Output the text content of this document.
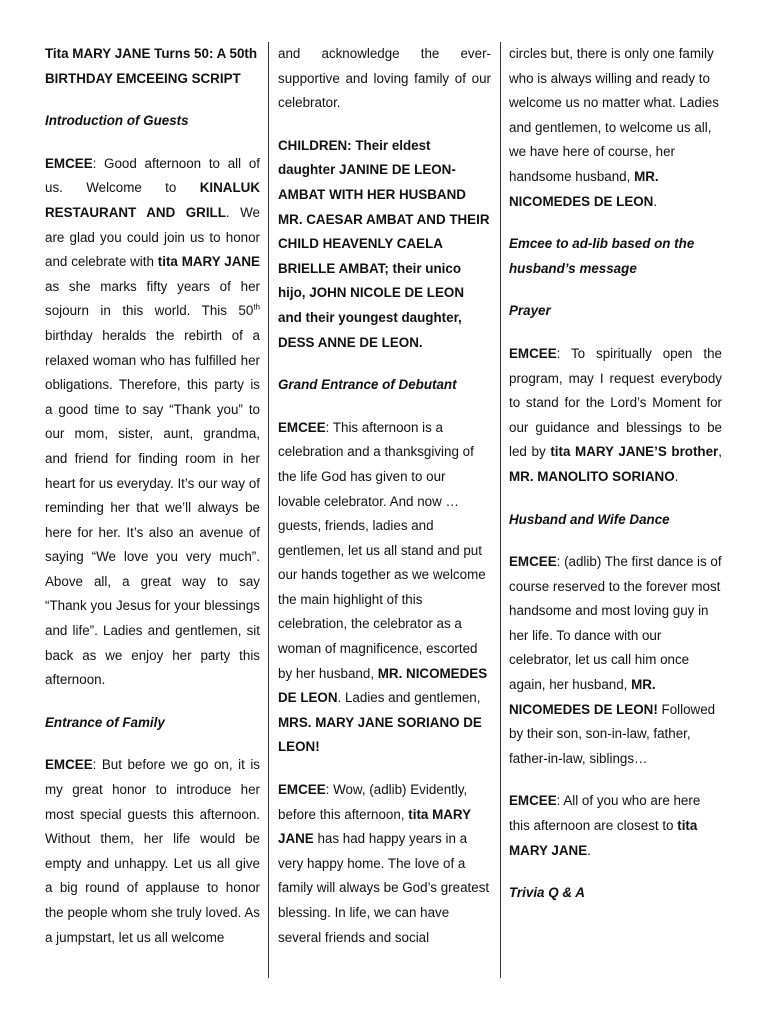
Tita MARY JANE Turns 50: A 50th BIRTHDAY EMCEEING SCRIPT

Introduction of Guests

EMCEE: Good afternoon to all of us. Welcome to KINALUK RESTAURANT AND GRILL. We are glad you could join us to honor and celebrate with tita MARY JANE as she marks fifty years of her sojourn in this world. This 50th birthday heralds the rebirth of a relaxed woman who has fulfilled her obligations. Therefore, this party is a good time to say “Thank you” to our mom, sister, aunt, grandma, and friend for finding room in her heart for us everyday. It’s our way of reminding her that we’ll always be here for her. It’s also an avenue of saying “We love you very much”. Above all, a great way to say “Thank you Jesus for your blessings and life”. Ladies and gentlemen, sit back as we enjoy her party this afternoon.

Entrance of Family

EMCEE: But before we go on, it is my great honor to introduce her most special guests this afternoon. Without them, her life would be empty and unhappy. Let us all give a big round of applause to honor the people whom she truly loved. As a jumpstart, let us all welcome

and acknowledge the ever-supportive and loving family of our celebrator.

CHILDREN: Their eldest daughter JANINE DE LEON-AMBAT WITH HER HUSBAND MR. CAESAR AMBAT AND THEIR CHILD HEAVENLY CAELA BRIELLE AMBAT; their unico hijo, JOHN NICOLE DE LEON and their youngest daughter, DESS ANNE DE LEON.

Grand Entrance of Debutant

EMCEE: This afternoon is a celebration and a thanksgiving of the life God has given to our lovable celebrator. And now … guests, friends, ladies and gentlemen, let us all stand and put our hands together as we welcome the main highlight of this celebration, the celebrator as a woman of magnificence, escorted by her husband, MR. NICOMEDES DE LEON. Ladies and gentlemen, MRS. MARY JANE SORIANO DE LEON!

EMCEE: Wow, (adlib) Evidently, before this afternoon, tita MARY JANE has had happy years in a very happy home. The love of a family will always be God’s greatest blessing. In life, we can have several friends and social

circles but, there is only one family who is always willing and ready to welcome us no matter what. Ladies and gentlemen, to welcome us all, we have here of course, her handsome husband, MR. NICOMEDES DE LEON.

Emcee to ad-lib based on the husband’s message

Prayer

EMCEE: To spiritually open the program, may I request everybody to stand for the Lord’s Moment for our guidance and blessings to be led by tita MARY JANE’S brother, MR. MANOLITO SORIANO.

Husband and Wife Dance

EMCEE: (adlib) The first dance is of course reserved to the forever most handsome and most loving guy in her life. To dance with our celebrator, let us call him once again, her husband, MR. NICOMEDES DE LEON! Followed by their son, son-in-law, father, father-in-law, siblings…

EMCEE: All of you who are here this afternoon are closest to tita MARY JANE.

Trivia Q & A
